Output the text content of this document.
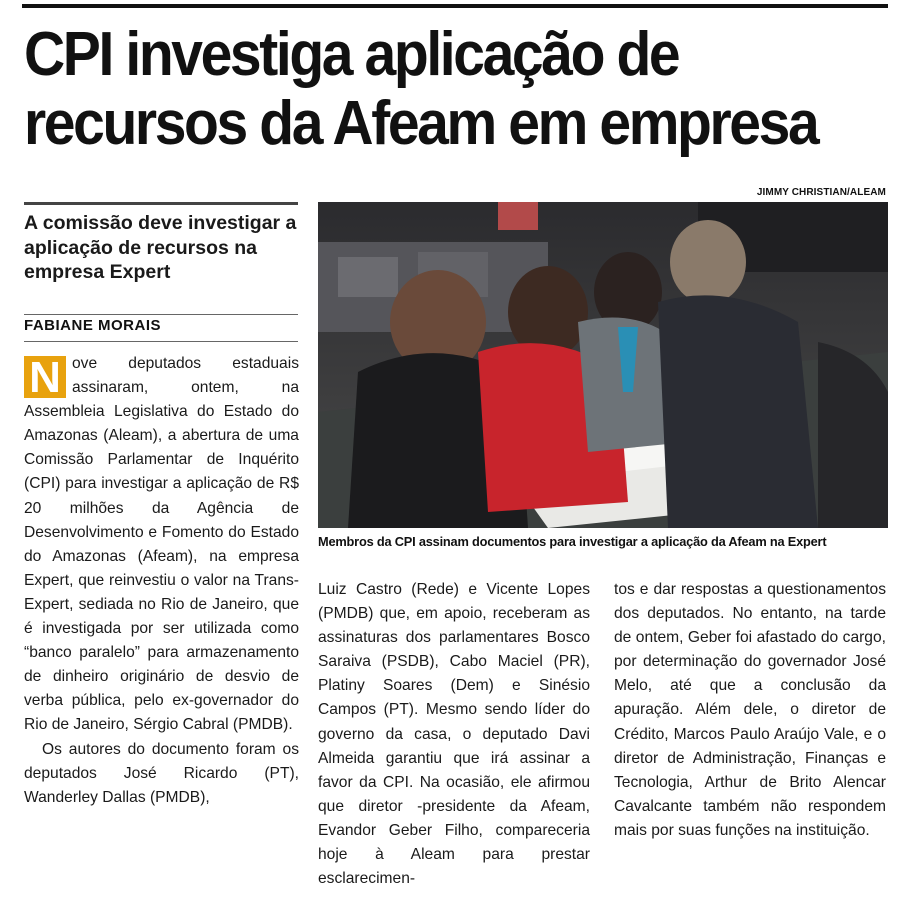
CPI investiga aplicação de
recursos da Afeam em empresa
JIMMY CHRISTIAN/ALEAM
A comissão deve investigar a aplicação de recursos na empresa Expert
FABIANE MORAIS

N ove deputados estaduais assinaram, ontem, na Assembleia Legislativa do Estado do Amazonas (Aleam), a abertura de uma Comissão Parlamentar de Inquérito (CPI) para investigar a aplicação de R$ 20 milhões da Agência de Desenvolvimento e Fomento do Estado do Amazonas (Afeam), na empresa Expert, que reinvestiu o valor na Trans-Expert, sediada no Rio de Janeiro, que é investigada por ser utilizada como “banco paralelo” para armazenamento de dinheiro originário de desvio de verba pública, pelo ex-governador do Rio de Janeiro, Sérgio Cabral (PMDB).

Os autores do documento foram os deputados José Ricardo (PT), Wanderley Dallas (PMDB),

Membros da CPI assinam documentos para investigar a aplicação da Afeam na Expert

Luiz Castro (Rede) e Vicente Lopes (PMDB) que, em apoio, receberam as assinaturas dos parlamentares Bosco Saraiva (PSDB), Cabo Maciel (PR), Platiny Soares (Dem) e Sinésio Campos (PT). Mesmo sendo líder do governo da casa, o deputado Davi Almeida garantiu que irá assinar a favor da CPI. Na ocasião, ele afirmou que diretor -presidente da Afeam, Evandor Geber Filho, compareceria hoje à Aleam para prestar esclarecimen-

tos e dar respostas a questionamentos dos deputados. No entanto, na tarde de ontem, Geber foi afastado do cargo, por determinação do governador José Melo, até que a conclusão da apuração. Além dele, o diretor de Crédito, Marcos Paulo Araújo Vale, e o diretor de Administração, Finanças e Tecnologia, Arthur de Brito Alencar Cavalcante também não respondem mais por suas funções na instituição.
